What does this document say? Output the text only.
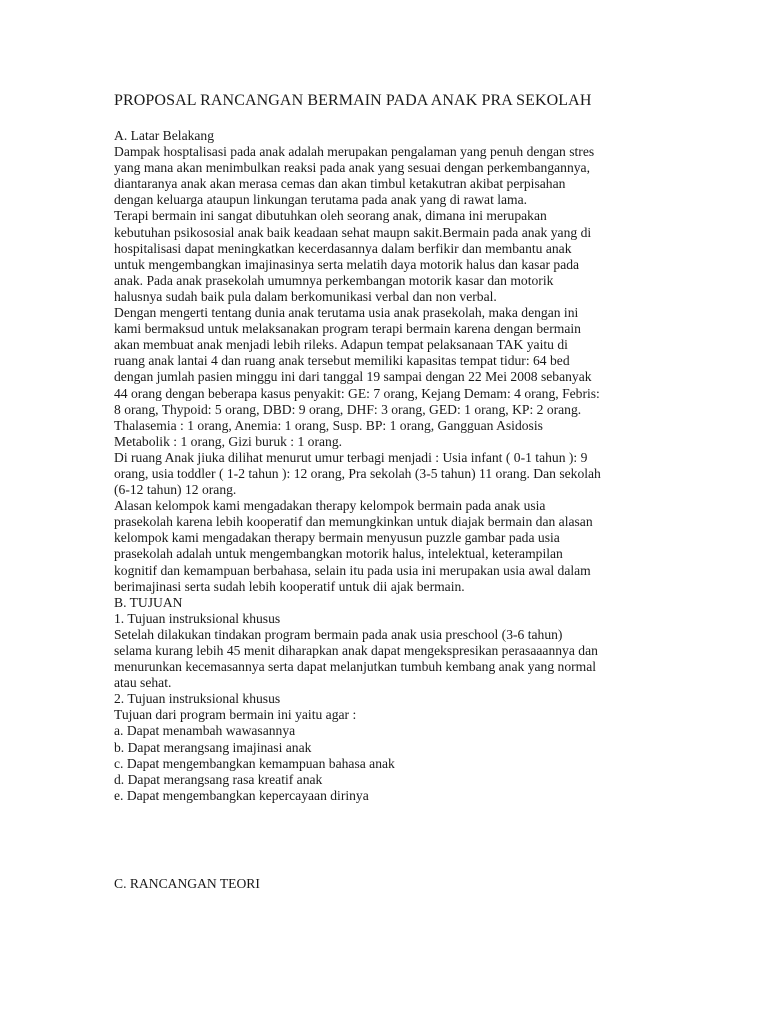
PROPOSAL RANCANGAN BERMAIN PADA ANAK PRA SEKOLAH

A. Latar Belakang

Dampak hosptalisasi pada anak adalah merupakan pengalaman yang penuh dengan stres

yang mana akan menimbulkan reaksi pada anak yang sesuai dengan perkembangannya,

diantaranya anak akan merasa cemas dan akan timbul ketakutran akibat perpisahan

dengan keluarga ataupun linkungan terutama pada anak yang di rawat lama.

Terapi bermain ini sangat dibutuhkan oleh seorang anak, dimana ini merupakan

kebutuhan psikososial anak baik keadaan sehat maupn sakit.Bermain pada anak yang di

hospitalisasi dapat meningkatkan kecerdasannya dalam berfikir dan membantu anak

untuk mengembangkan imajinasinya serta melatih daya motorik halus dan kasar pada

anak. Pada anak prasekolah umumnya perkembangan motorik kasar dan motorik

halusnya sudah baik pula dalam berkomunikasi verbal dan non verbal.

Dengan mengerti tentang dunia anak terutama usia anak prasekolah, maka dengan ini

kami bermaksud untuk melaksanakan program terapi bermain karena dengan bermain

akan membuat anak menjadi lebih rileks. Adapun tempat pelaksanaan TAK yaitu di

ruang anak lantai 4 dan ruang anak tersebut memiliki kapasitas tempat tidur: 64 bed

dengan jumlah pasien minggu ini dari tanggal 19 sampai dengan 22 Mei 2008 sebanyak

44 orang dengan beberapa kasus penyakit: GE: 7 orang, Kejang Demam: 4 orang, Febris:

8 orang, Thypoid: 5 orang, DBD: 9 orang, DHF: 3 orang, GED: 1 orang, KP: 2 orang.

Thalasemia : 1 orang, Anemia: 1 orang, Susp. BP: 1 orang, Gangguan Asidosis

Metabolik : 1 orang, Gizi buruk : 1 orang.

Di ruang Anak jiuka dilihat menurut umur terbagi menjadi : Usia infant ( 0-1 tahun ): 9

orang, usia toddler ( 1-2 tahun ): 12 orang, Pra sekolah (3-5 tahun) 11 orang. Dan sekolah

(6-12 tahun) 12 orang.

Alasan kelompok kami mengadakan therapy kelompok bermain pada anak usia

prasekolah karena lebih kooperatif dan memungkinkan untuk diajak bermain dan alasan

kelompok kami mengadakan therapy bermain menyusun puzzle gambar pada usia

prasekolah adalah untuk mengembangkan motorik halus, intelektual, keterampilan

kognitif dan kemampuan berbahasa, selain itu pada usia ini merupakan usia awal dalam

berimajinasi serta sudah lebih kooperatif untuk dii ajak bermain.

B. TUJUAN

1. Tujuan instruksional khusus

Setelah dilakukan tindakan program bermain pada anak usia preschool (3-6 tahun)

selama kurang lebih 45 menit diharapkan anak dapat mengekspresikan perasaaannya dan

menurunkan kecemasannya serta dapat melanjutkan tumbuh kembang anak yang normal

atau sehat.

2. Tujuan instruksional khusus

Tujuan dari program bermain ini yaitu agar :

a. Dapat menambah wawasannya

b. Dapat merangsang imajinasi anak

c. Dapat mengembangkan kemampuan bahasa anak

d. Dapat merangsang rasa kreatif anak

e. Dapat mengembangkan kepercayaan dirinya

C. RANCANGAN TEORI
